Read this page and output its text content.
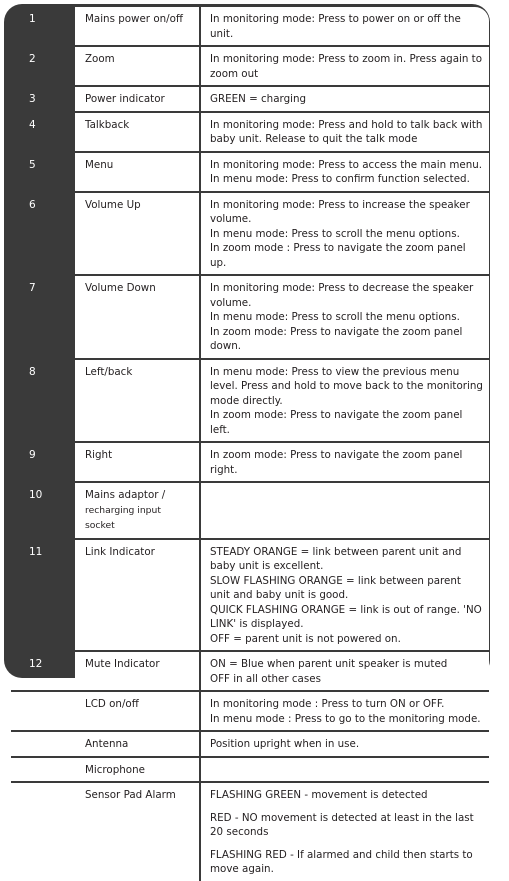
1	Mains power on/off	In monitoring mode: Press to power on or off the unit.

2	Zoom	In monitoring mode: Press to zoom in. Press again to zoom out

3	Power indicator	GREEN = charging

4	Talkback	In monitoring mode: Press and hold to talk back with baby unit. Release to quit the talk mode

5	Menu	In monitoring mode: Press to access the main menu.
In menu mode: Press to confirm function selected.

6	Volume Up	In monitoring mode: Press to increase the speaker volume.
In menu mode: Press to scroll the menu options.
In zoom mode : Press to navigate the zoom panel up.

7	Volume Down	In monitoring mode: Press to decrease the speaker volume.
In menu mode: Press to scroll the menu options.
In zoom mode: Press to navigate the zoom panel down.

8	Left/back	In menu mode: Press to view the previous menu level. Press and hold to move back to the monitoring mode directly.
In zoom mode: Press to navigate the zoom panel left.

9	Right	In zoom mode: Press to navigate the zoom panel right.

10	Mains adaptor /
recharging input socket	
11	Link Indicator	STEADY ORANGE = link between parent unit and baby unit is excellent.
SLOW FLASHING ORANGE = link between parent unit and baby unit is good.
QUICK FLASHING ORANGE = link is out of range. 'NO LINK' is displayed.
OFF = parent unit is not powered on.

12	Mute Indicator	ON = Blue when parent unit speaker is muted
OFF in all other cases

13	LCD on/off	In monitoring mode : Press to turn ON or OFF.
In menu mode : Press to go to the monitoring mode.

14	Antenna	Position upright when in use.

15	Microphone	
16	Sensor Pad Alarm	FLASHING GREEN - movement is detected
RED - NO movement is detected at least in the last 20 seconds
FLASHING RED - If alarmed and child then starts to move again.
